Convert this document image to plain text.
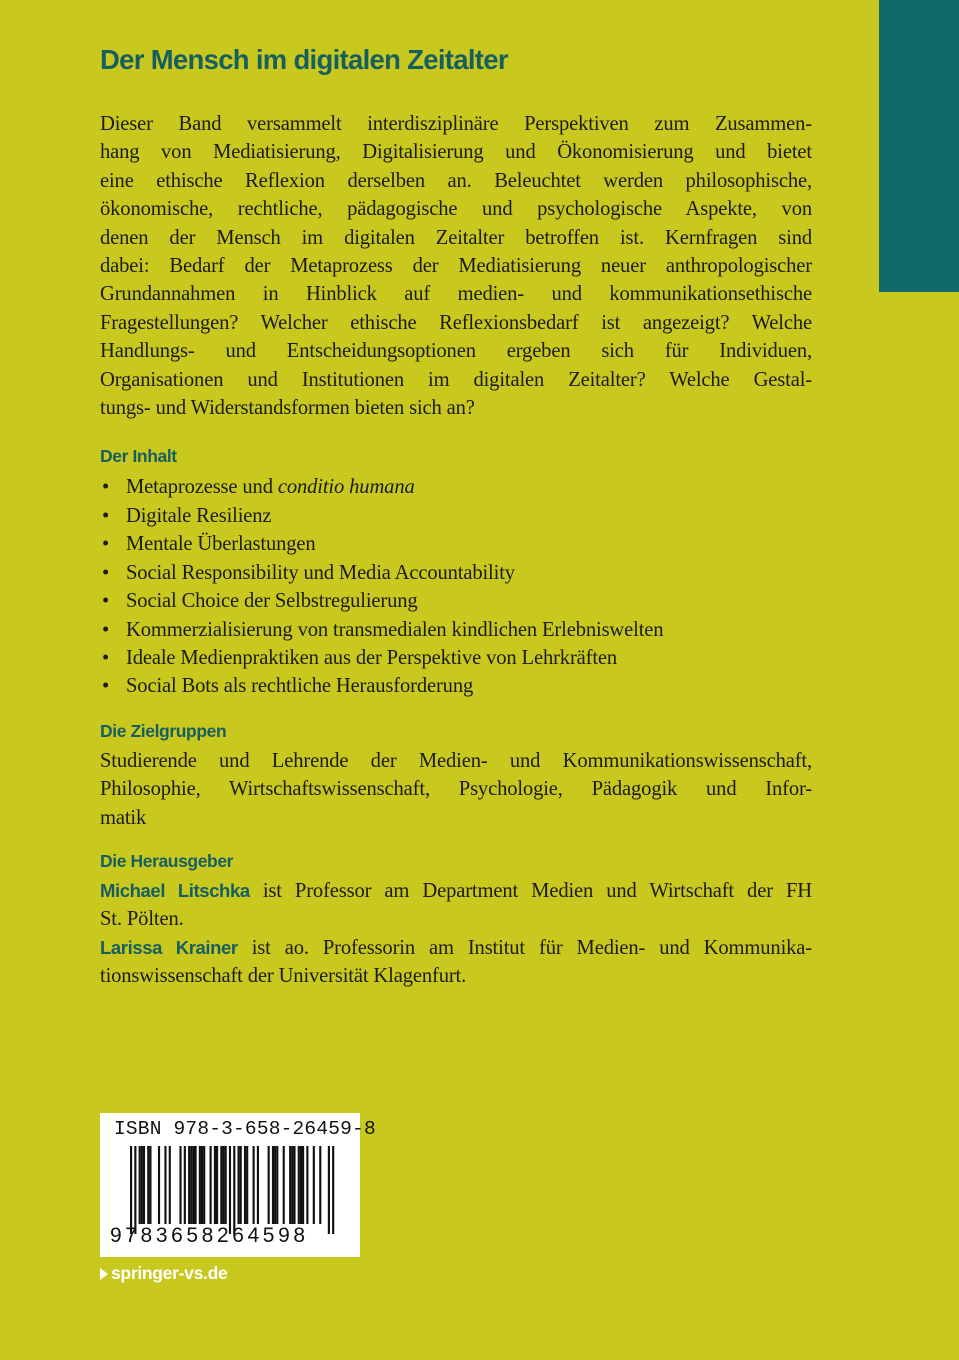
Der Mensch im digitalen Zeitalter
Dieser Band versammelt interdisziplinäre Perspektiven zum Zusammen-
hang von Mediatisierung, Digitalisierung und Ökonomisierung und bietet
eine ethische Reflexion derselben an. Beleuchtet werden philosophische,
ökonomische, rechtliche, pädagogische und psychologische Aspekte, von
denen der Mensch im digitalen Zeitalter betroffen ist. Kernfragen sind
dabei: Bedarf der Metaprozess der Mediatisierung neuer anthropologischer
Grundannahmen in Hinblick auf medien- und kommunikationsethische
Fragestellungen? Welcher ethische Reflexionsbedarf ist angezeigt? Welche
Handlungs- und Entscheidungsoptionen ergeben sich für Individuen,
Organisationen und Institutionen im digitalen Zeitalter? Welche Gestal-
tungs- und Widerstandsformen bieten sich an?
Der Inhalt
• Metaprozesse und conditio humana
• Digitale Resilienz
• Mentale Überlastungen
• Social Responsibility und Media Accountability
• Social Choice der Selbstregulierung
• Kommerzialisierung von transmedialen kindlichen Erlebniswelten
• Ideale Medienpraktiken aus der Perspektive von Lehrkräften
• Social Bots als rechtliche Herausforderung
Die Zielgruppen
Studierende und Lehrende der Medien- und Kommunikationswissenschaft,
Philosophie, Wirtschaftswissenschaft, Psychologie, Pädagogik und Infor-
matik
Die Herausgeber
Michael Litschka ist Professor am Department Medien und Wirtschaft der FH
St. Pölten.
Larissa Krainer ist ao. Professorin am Institut für Medien- und Kommunika-
tionswissenschaft der Universität Klagenfurt.
ISBN 978-3-658-26459-8
9783658264598
springer-vs.de
